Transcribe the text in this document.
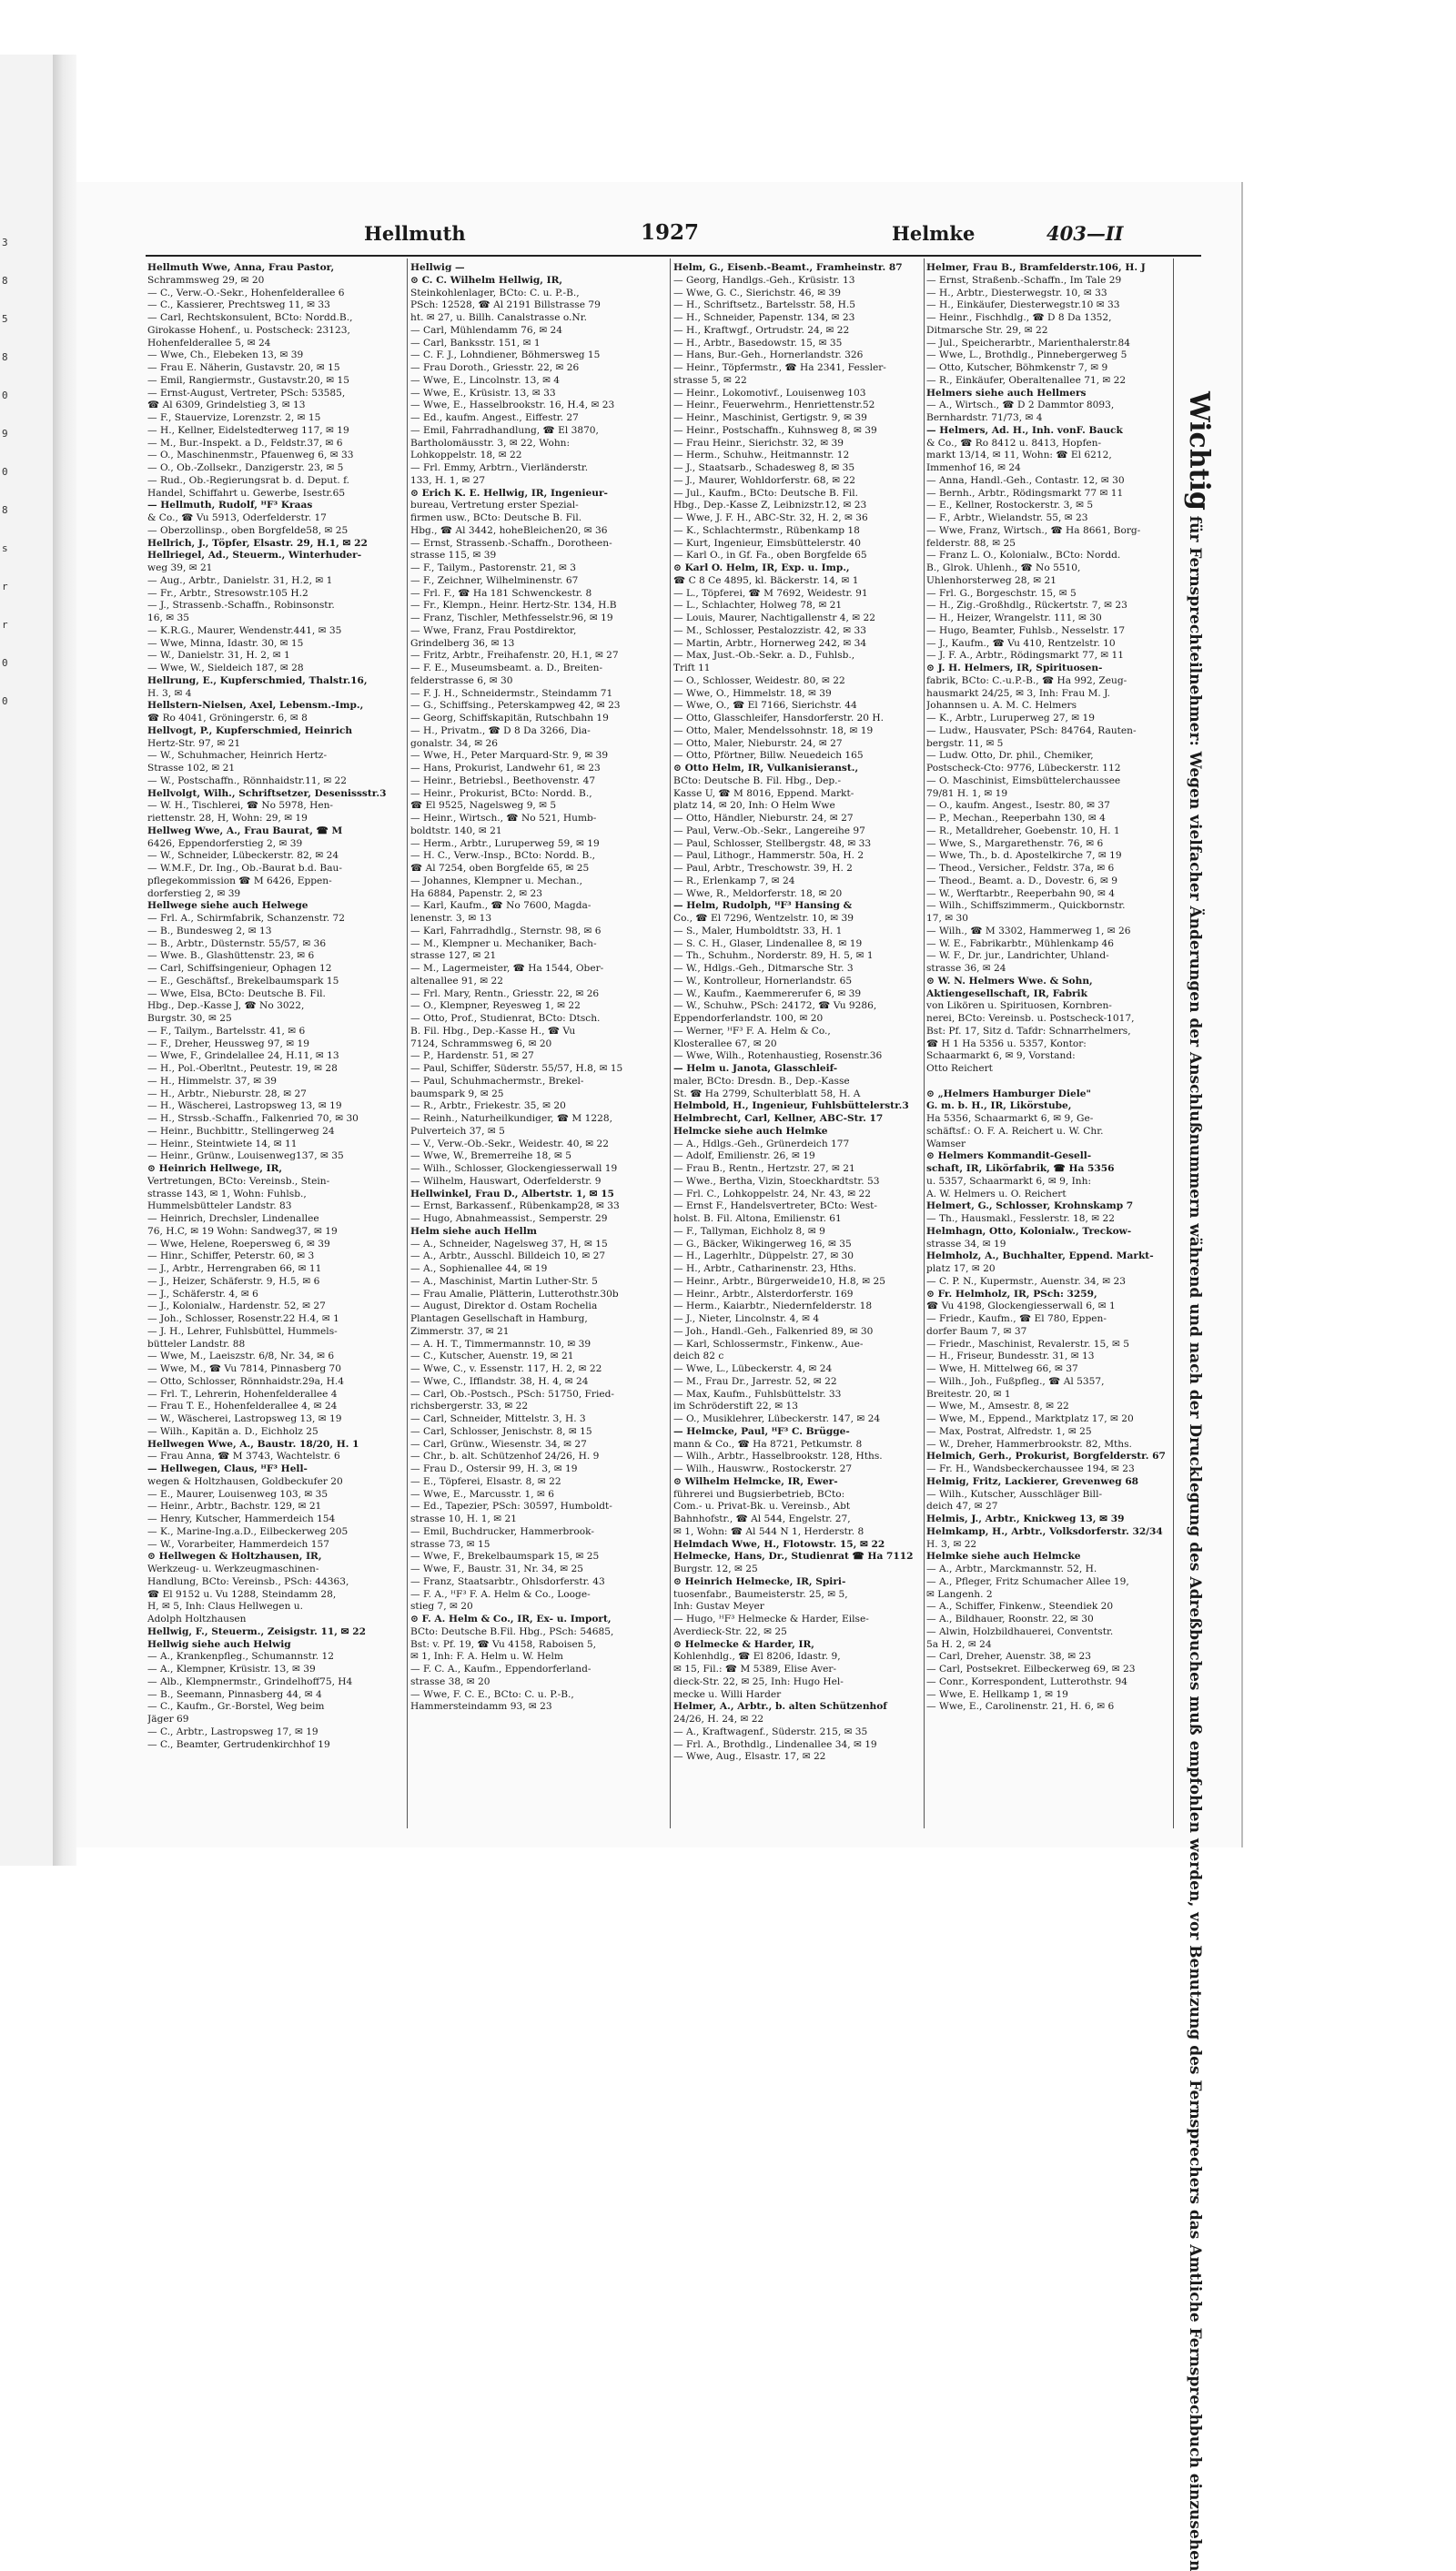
3
8
5
8
0
9
0
8
s
r
r
0
0
Hellmuth	1927	Helmke	403—II
Hellmuth Wwe, Anna, Frau Pastor,
Schrammsweg 29, ✉ 20
— C., Verw.-O.-Sekr., Hohenfelderallee 6
— C., Kassierer, Prechtsweg 11, ✉ 33
— Carl, Rechtskonsulent, BCto: Nordd.B.,
Girokasse Hohenf., u. Postscheck: 23123,
Hohenfelderallee 5, ✉ 24
— Wwe, Ch., Elebeken 13, ✉ 39
— Frau E. Näherin, Gustavstr. 20, ✉ 15
— Emil, Rangiermstr., Gustavstr.20, ✉ 15
— Ernst-August, Vertreter, PSch: 53585,
☎ Al 6309, Grindelstieg 3, ✉ 13
— F., Stauervize, Lorenzstr. 2, ✉ 15
— H., Kellner, Eidelstedterweg 117, ✉ 19
— M., Bur.-Inspekt. a D., Feldstr.37, ✉ 6
— O., Maschinenmstr., Pfauenweg 6, ✉ 33
— O., Ob.-Zollsekr., Danzigerstr. 23, ✉ 5
— Rud., Ob.-Regierungsrat b. d. Deput. f.
Handel, Schiffahrt u. Gewerbe, Isestr.65
— Hellmuth, Rudolf, ᴴF³ Kraas
& Co., ☎ Vu 5913, Oderfelderstr. 17
— Oberzollinsp., oben Borgfelde58, ✉ 25
Hellrich, J., Töpfer, Elsastr. 29, H.1, ✉ 22
Hellriegel, Ad., Steuerm., Winterhuder-
weg 39, ✉ 21
— Aug., Arbtr., Danielstr. 31, H.2, ✉ 1
— Fr., Arbtr., Stresowstr.105 H.2
— J., Strassenb.-Schaffn., Robinsonstr.
16, ✉ 35
— K.R.G., Maurer, Wendenstr.441, ✉ 35
— Wwe, Minna, Idastr. 30, ✉ 15
— W., Danielstr. 31, H. 2, ✉ 1
— Wwe, W., Sieldeich 187, ✉ 28
Hellrung, E., Kupferschmied, Thalstr.16,
H. 3, ✉ 4
Hellstern-Nielsen, Axel, Lebensm.-Imp.,
☎ Ro 4041, Gröningerstr. 6, ✉ 8
Hellvogt, P., Kupferschmied, Heinrich
Hertz-Str. 97, ✉ 21
— W., Schuhmacher, Heinrich Hertz-
Strasse 102, ✉ 21
— W., Postschaffn., Rönnhaidstr.11, ✉ 22
Hellvolgt, Wilh., Schriftsetzer, Desenissstr.3
— W. H., Tischlerei, ☎ No 5978, Hen-
riettenstr. 28, H, Wohn: 29, ✉ 19
Hellweg Wwe, A., Frau Baurat, ☎ M
6426, Eppendorferstieg 2, ✉ 39
— W., Schneider, Lübeckerstr. 82, ✉ 24
— W.M.F., Dr. Ing., Ob.-Baurat b.d. Bau-
pflegekommission ☎ M 6426, Eppen-
dorferstieg 2, ✉ 39
Hellwege siehe auch Helwege
— Frl. A., Schirmfabrik, Schanzenstr. 72
— B., Bundesweg 2, ✉ 13
— B., Arbtr., Düsternstr. 55/57, ✉ 36
— Wwe. B., Glashüttenstr. 23, ✉ 6
— Carl, Schiffsingenieur, Ophagen 12
— E., Geschäftsf., Brekelbaumspark 15
— Wwe, Elsa, BCto: Deutsche B. Fil.
Hbg., Dep.-Kasse J, ☎ No 3022,
Burgstr. 30, ✉ 25
— F., Tailym., Bartelsstr. 41, ✉ 6
— F., Dreher, Heussweg 97, ✉ 19
— Wwe, F., Grindelallee 24, H.11, ✉ 13
— H., Pol.-Oberltnt., Peutestr. 19, ✉ 28
— H., Himmelstr. 37, ✉ 39
— H., Arbtr., Nieburstr. 28, ✉ 27
— H., Wäscherei, Lastropsweg 13, ✉ 19
— H., Strssb.-Schaffn., Falkenried 70, ✉ 30
— Heinr., Buchbittr., Stellingerweg 24
— Heinr., Steintwiete 14, ✉ 11
— Heinr., Grünw., Louisenweg137, ✉ 35
⊙ Heinrich Hellwege, IR,
Vertretungen, BCto: Vereinsb., Stein-
strasse 143, ✉ 1, Wohn: Fuhlsb.,
Hummelsbütteler Landstr. 83
— Heinrich, Drechsler, Lindenallee
76, H.C, ✉ 19 Wohn: Sandweg37, ✉ 19
— Wwe, Helene, Roepersweg 6, ✉ 39
— Hinr., Schiffer, Peterstr. 60, ✉ 3
— J., Arbtr., Herrengraben 66, ✉ 11
— J., Heizer, Schäferstr. 9, H.5, ✉ 6
— J., Schäferstr. 4, ✉ 6
— J., Kolonialw., Hardenstr. 52, ✉ 27
— Joh., Schlosser, Rosenstr.22 H.4, ✉ 1
— J. H., Lehrer, Fuhlsbüttel, Hummels-
bütteler Landstr. 88
— Wwe, M., Laeiszstr. 6/8, Nr. 34, ✉ 6
— Wwe, M., ☎ Vu 7814, Pinnasberg 70
— Otto, Schlosser, Rönnhaidstr.29a, H.4
— Frl. T., Lehrerin, Hohenfelderallee 4
— Frau T. E., Hohenfelderallee 4, ✉ 24
— W., Wäscherei, Lastropsweg 13, ✉ 19
— Wilh., Kapitän a. D., Eichholz 25
Hellwegen Wwe, A., Baustr. 18/20, H. 1
— Frau Anna, ☎ M 3743, Wachtelstr. 6
— Hellwegen, Claus, ᴴF³ Hell-
wegen & Holtzhausen, Goldbeckufer 20
— E., Maurer, Louisenweg 103, ✉ 35
— Heinr., Arbtr., Bachstr. 129, ✉ 21
— Henry, Kutscher, Hammerdeich 154
— K., Marine-Ing.a.D., Eilbeckerweg 205
— W., Vorarbeiter, Hammerdeich 157
⊙ Hellwegen & Holtzhausen, IR,
Werkzeug- u. Werkzeugmaschinen-
Handlung, BCto: Vereinsb., PSch: 44363,
☎ El 9152 u. Vu 1288, Steindamm 28,
H, ✉ 5, Inh: Claus Hellwegen u.
Adolph Holtzhausen
Hellwig, F., Steuerm., Zeisigstr. 11, ✉ 22
Hellwig siehe auch Helwig
— A., Krankenpfleg., Schumannstr. 12
— A., Klempner, Krüsistr. 13, ✉ 39
— Alb., Klempnermstr., Grindelhoff75, H4
— B., Seemann, Pinnasberg 44, ✉ 4
— C., Kaufm., Gr.-Borstel, Weg beim
Jäger 69
— C., Arbtr., Lastropsweg 17, ✉ 19
— C., Beamter, Gertrudenkirchhof 19
Hellwig —
⊙ C. C. Wilhelm Hellwig, IR,
Steinkohlenlager, BCto: C. u. P.-B.,
PSch: 12528, ☎ Al 2191 Billstrasse 79
ht. ✉ 27, u. Billh. Canalstrasse o.Nr.
— Carl, Mühlendamm 76, ✉ 24
— Carl, Banksstr. 151, ✉ 1
— C. F. J., Lohndiener, Böhmersweg 15
— Frau Doroth., Griesstr. 22, ✉ 26
— Wwe, E., Lincolnstr. 13, ✉ 4
— Wwe, E., Krüsistr. 13, ✉ 33
— Wwe, E., Hasselbrookstr. 16, H.4, ✉ 23
— Ed., kaufm. Angest., Eiffestr. 27
— Emil, Fahrradhandlung, ☎ El 3870,
Bartholomäusstr. 3, ✉ 22, Wohn:
Lohkoppelstr. 18, ✉ 22
— Frl. Emmy, Arbtrn., Vierländerstr.
133, H. 1, ✉ 27
⊙ Erich K. E. Hellwig, IR, Ingenieur-
bureau, Vertretung erster Spezial-
firmen usw., BCto: Deutsche B. Fil.
Hbg., ☎ Al 3442, hoheBleichen20, ✉ 36
— Ernst, Strassenb.-Schaffn., Dorotheen-
strasse 115, ✉ 39
— F., Tailym., Pastorenstr. 21, ✉ 3
— F., Zeichner, Wilhelminenstr. 67
— Frl. F., ☎ Ha 181 Schwenckestr. 8
— Fr., Klempn., Heinr. Hertz-Str. 134, H.B
— Franz, Tischler, Methfesselstr.96, ✉ 19
— Wwe, Franz, Frau Postdirektor,
Grindelberg 36, ✉ 13
— Fritz, Arbtr., Freihafenstr. 20, H.1, ✉ 27
— F. E., Museumsbeamt. a. D., Breiten-
felderstrasse 6, ✉ 30
— F. J. H., Schneidermstr., Steindamm 71
— G., Schiffsing., Peterskampweg 42, ✉ 23
— Georg, Schiffskapitän, Rutschbahn 19
— H., Privatm., ☎ D 8 Da 3266, Dia-
gonalstr. 34, ✉ 26
— Wwe, H., Peter Marquard-Str. 9, ✉ 39
— Hans, Prokurist, Landwehr 61, ✉ 23
— Heinr., Betriebsl., Beethovenstr. 47
— Heinr., Prokurist, BCto: Nordd. B.,
☎ El 9525, Nagelsweg 9, ✉ 5
— Heinr., Wirtsch., ☎ No 521, Humb-
boldtstr. 140, ✉ 21
— Herm., Arbtr., Luruperweg 59, ✉ 19
— H. C., Verw.-Insp., BCto: Nordd. B.,
☎ Al 7254, oben Borgfelde 65, ✉ 25
— Johannes, Klempner u. Mechan.,
Ha 6884, Papenstr. 2, ✉ 23
— Karl, Kaufm., ☎ No 7600, Magda-
lenenstr. 3, ✉ 13
— Karl, Fahrradhdlg., Sternstr. 98, ✉ 6
— M., Klempner u. Mechaniker, Bach-
strasse 127, ✉ 21
— M., Lagermeister, ☎ Ha 1544, Ober-
altenallee 91, ✉ 22
— Frl. Mary, Rentn., Griesstr. 22, ✉ 26
— O., Klempner, Reyesweg 1, ✉ 22
— Otto, Prof., Studienrat, BCto: Dtsch.
B. Fil. Hbg., Dep.-Kasse H., ☎ Vu
7124, Schrammsweg 6, ✉ 20
— P., Hardenstr. 51, ✉ 27
— Paul, Schiffer, Süderstr. 55/57, H.8, ✉ 15
— Paul, Schuhmachermstr., Brekel-
baumspark 9, ✉ 25
— R., Arbtr., Friekestr. 35, ✉ 20
— Reinh., Naturheilkundiger, ☎ M 1228,
Pulverteich 37, ✉ 5
— V., Verw.-Ob.-Sekr., Weidestr. 40, ✉ 22
— Wwe, W., Bremerreihe 18, ✉ 5
— Wilh., Schlosser, Glockengiesserwall 19
— Wilhelm, Hauswart, Oderfelderstr. 9
Hellwinkel, Frau D., Albertstr. 1, ✉ 15
— Ernst, Barkassenf., Rübenkamp28, ✉ 33
— Hugo, Abnahmeassist., Semperstr. 29
Helm siehe auch Hellm
— A., Schneider, Nagelsweg 37, H, ✉ 15
— A., Arbtr., Ausschl. Billdeich 10, ✉ 27
— A., Sophienallee 44, ✉ 19
— A., Maschinist, Martin Luther-Str. 5
— Frau Amalie, Plätterin, Lutterothstr.30b
— August, Direktor d. Ostam Rochelia
Plantagen Gesellschaft in Hamburg,
Zimmerstr. 37, ✉ 21
— A. H. T., Timmermannstr. 10, ✉ 39
— C., Kutscher, Auenstr. 19, ✉ 21
— Wwe, C., v. Essenstr. 117, H. 2, ✉ 22
— Wwe, C., Ifflandstr. 38, H. 4, ✉ 24
— Carl, Ob.-Postsch., PSch: 51750, Fried-
richsbergerstr. 33, ✉ 22
— Carl, Schneider, Mittelstr. 3, H. 3
— Carl, Schlosser, Jenischstr. 8, ✉ 15
— Carl, Grünw., Wiesenstr. 34, ✉ 27
— Chr., b. alt. Schützenhof 24/26, H. 9
— Frau D., Ostersir 99, H. 3, ✉ 19
— E., Töpferei, Elsastr. 8, ✉ 22
— Wwe, E., Marcusstr. 1, ✉ 6
— Ed., Tapezier, PSch: 30597, Humboldt-
strasse 10, H. 1, ✉ 21
— Emil, Buchdrucker, Hammerbrook-
strasse 73, ✉ 15
— Wwe, F., Brekelbaumspark 15, ✉ 25
— Wwe, F., Baustr. 31, Nr. 34, ✉ 25
— Franz, Staatsarbtr., Ohlsdorferstr. 43
— F. A., ᴴF³ F. A. Helm & Co., Looge-
stieg 7, ✉ 20
⊙ F. A. Helm & Co., IR, Ex- u. Import,
BCto: Deutsche B.Fil. Hbg., PSch: 54685,
Bst: v. Pf. 19, ☎ Vu 4158, Raboisen 5,
✉ 1, Inh: F. A. Helm u. W. Helm
— F. C. A., Kaufm., Eppendorferland-
strasse 38, ✉ 20
— Wwe, F. C. E., BCto: C. u. P.-B.,
Hammersteindamm 93, ✉ 23
Helm, G., Eisenb.-Beamt., Framheinstr. 87
— Georg, Handlgs.-Geh., Krüsistr. 13
— Wwe, G. C., Sierichstr. 46, ✉ 39
— H., Schriftsetz., Bartelsstr. 58, H.5
— H., Schneider, Papenstr. 134, ✉ 23
— H., Kraftwgf., Ortrudstr. 24, ✉ 22
— H., Arbtr., Basedowstr. 15, ✉ 35
— Hans, Bur.-Geh., Hornerlandstr. 326
— Heinr., Töpfermstr., ☎ Ha 2341, Fessler-
strasse 5, ✉ 22
— Heinr., Lokomotivf., Louisenweg 103
— Heinr., Feuerwehrm., Henriettenstr.52
— Heinr., Maschinist, Gertigstr. 9, ✉ 39
— Heinr., Postschaffn., Kuhnsweg 8, ✉ 39
— Frau Heinr., Sierichstr. 32, ✉ 39
— Herm., Schuhw., Heitmannstr. 12
— J., Staatsarb., Schadesweg 8, ✉ 35
— J., Maurer, Wohldorferstr. 68, ✉ 22
— Jul., Kaufm., BCto: Deutsche B. Fil.
Hbg., Dep.-Kasse Z, Leibnizstr.12, ✉ 23
— Wwe, J. F. H., ABC-Str. 32, H. 2, ✉ 36
— K., Schlachtermstr., Rübenkamp 18
— Kurt, Ingenieur, Eimsbüttelerstr. 40
— Karl O., in Gf. Fa., oben Borgfelde 65
⊙ Karl O. Helm, IR, Exp. u. Imp.,
☎ C 8 Ce 4895, kl. Bäckerstr. 14, ✉ 1
— L., Töpferei, ☎ M 7692, Weidestr. 91
— L., Schlachter, Holweg 78, ✉ 21
— Louis, Maurer, Nachtigallenstr 4, ✉ 22
— M., Schlosser, Pestalozzistr. 42, ✉ 33
— Martin, Arbtr., Hornerweg 242, ✉ 34
— Max, Just.-Ob.-Sekr. a. D., Fuhlsb.,
Trift 11
— O., Schlosser, Weidestr. 80, ✉ 22
— Wwe, O., Himmelstr. 18, ✉ 39
— Wwe, O., ☎ El 7166, Sierichstr. 44
— Otto, Glasschleifer, Hansdorferstr. 20 H.
— Otto, Maler, Mendelssohnstr. 18, ✉ 19
— Otto, Maler, Nieburstr. 24, ✉ 27
— Otto, Pförtner, Billw. Neuedeich 165
⊙ Otto Helm, IR, Vulkanisieranst.,
BCto: Deutsche B. Fil. Hbg., Dep.-
Kasse U, ☎ M 8016, Eppend. Markt-
platz 14, ✉ 20, Inh: O Helm Wwe
— Otto, Händler, Nieburstr. 24, ✉ 27
— Paul, Verw.-Ob.-Sekr., Langereihe 97
— Paul, Schlosser, Stellbergstr. 48, ✉ 33
— Paul, Lithogr., Hammerstr. 50a, H. 2
— Paul, Arbtr., Treschowstr. 39, H. 2
— R., Erlenkamp 7, ✉ 24
— Wwe, R., Meldorferstr. 18, ✉ 20
— Helm, Rudolph, ᴴF³ Hansing &
Co., ☎ El 7296, Wentzelstr. 10, ✉ 39
— S., Maler, Humboldtstr. 33, H. 1
— S. C. H., Glaser, Lindenallee 8, ✉ 19
— Th., Schuhm., Norderstr. 89, H. 5, ✉ 1
— W., Hdlgs.-Geh., Ditmarsche Str. 3
— W., Kontrolleur, Hornerlandstr. 65
— W., Kaufm., Kaemmererufer 6, ✉ 39
— W., Schuhw., PSch: 24172, ☎ Vu 9286,
Eppendorferlandstr. 100, ✉ 20
— Werner, ᴴF³ F. A. Helm & Co.,
Klosterallee 67, ✉ 20
— Wwe, Wilh., Rotenhaustieg, Rosenstr.36
— Helm u. Janota, Glasschleif-
maler, BCto: Dresdn. B., Dep.-Kasse
St. ☎ Ha 2799, Schulterblatt 58, H. A
Helmbold, H., Ingenieur, Fuhlsbüttelerstr.3
Helmbrecht, Carl, Kellner, ABC-Str. 17
Helmcke siehe auch Helmke
— A., Hdlgs.-Geh., Grünerdeich 177
— Adolf, Emilienstr. 26, ✉ 19
— Frau B., Rentn., Hertzstr. 27, ✉ 21
— Wwe., Bertha, Vizin, Stoeckhardtstr. 53
— Frl. C., Lohkoppelstr. 24, Nr. 43, ✉ 22
— Ernst F., Handelsvertreter, BCto: West-
holst. B. Fil. Altona, Emilienstr. 61
— F., Tallyman, Eichholz 8, ✉ 9
— G., Bäcker, Wikingerweg 16, ✉ 35
— H., Lagerhltr., Düppelstr. 27, ✉ 30
— H., Arbtr., Catharinenstr. 23, Hths.
— Heinr., Arbtr., Bürgerweide10, H.8, ✉ 25
— Heinr., Arbtr., Alsterdorferstr. 169
— Herm., Kaiarbtr., Niedernfelderstr. 18
— J., Nieter, Lincolnstr. 4, ✉ 4
— Joh., Handl.-Geh., Falkenried 89, ✉ 30
— Karl, Schlossermstr., Finkenw., Aue-
deich 82 c
— Wwe, L., Lübeckerstr. 4, ✉ 24
— M., Frau Dr., Jarrestr. 52, ✉ 22
— Max, Kaufm., Fuhlsbüttelstr. 33
im Schröderstift 22, ✉ 13
— O., Musiklehrer, Lübeckerstr. 147, ✉ 24
— Helmcke, Paul, ᴴF³ C. Brügge-
mann & Co., ☎ Ha 8721, Petkumstr. 8
— Wilh., Arbtr., Hasselbrookstr. 128, Hths.
— Wilh., Hauswrw., Rostockerstr. 27
⊙ Wilhelm Helmcke, IR, Ewer-
führerei und Bugsierbetrieb, BCto:
Com.- u. Privat-Bk. u. Vereinsb., Abt
Bahnhofstr., ☎ Al 544, Engelstr. 27,
✉ 1, Wohn: ☎ Al 544 N 1, Herderstr. 8
Helmdach Wwe, H., Flotowstr. 15, ✉ 22
Helmecke, Hans, Dr., Studienrat ☎ Ha 7112
Burgstr. 12, ✉ 25
⊙ Heinrich Helmecke, IR, Spiri-
tuosenfabr., Baumeisterstr. 25, ✉ 5,
Inh: Gustav Meyer
— Hugo, ᴴF³ Helmecke & Harder, Eilse-
Averdieck-Str. 22, ✉ 25
⊙ Helmecke & Harder, IR,
Kohlenhdlg., ☎ El 8206, Idastr. 9,
✉ 15, Fil.: ☎ M 5389, Elise Aver-
dieck-Str. 22, ✉ 25, Inh: Hugo Hel-
mecke u. Willi Harder
Helmer, A., Arbtr., b. alten Schützenhof
24/26, H. 24, ✉ 22
— A., Kraftwagenf., Süderstr. 215, ✉ 35
— Frl. A., Brothdlg., Lindenallee 34, ✉ 19
— Wwe, Aug., Elsastr. 17, ✉ 22
Helmer, Frau B., Bramfelderstr.106, H. J
— Ernst, Straßenb.-Schaffn., Im Tale 29
— H., Arbtr., Diesterwegstr. 10, ✉ 33
— H., Einkäufer, Diesterwegstr.10 ✉ 33
— Heinr., Fischhdlg., ☎ D 8 Da 1352,
Ditmarsche Str. 29, ✉ 22
— Jul., Speicherarbtr., Marienthalerstr.84
— Wwe, L., Brothdlg., Pinnebergerweg 5
— Otto, Kutscher, Böhmkenstr 7, ✉ 9
— R., Einkäufer, Oberaltenallee 71, ✉ 22
Helmers siehe auch Hellmers
— A., Wirtsch., ☎ D 2 Dammtor 8093,
Bernhardstr. 71/73, ✉ 4
— Helmers, Ad. H., Inh. vonF. Bauck
& Co., ☎ Ro 8412 u. 8413, Hopfen-
markt 13/14, ✉ 11, Wohn: ☎ El 6212,
Immenhof 16, ✉ 24
— Anna, Handl.-Geh., Contastr. 12, ✉ 30
— Bernh., Arbtr., Rödingsmarkt 77 ✉ 11
— E., Kellner, Rostockerstr. 3, ✉ 5
— F., Arbtr., Wielandstr. 55, ✉ 23
— Wwe, Franz, Wirtsch., ☎ Ha 8661, Borg-
felderstr. 88, ✉ 25
— Franz L. O., Kolonialw., BCto: Nordd.
B., Glrok. Uhlenh., ☎ No 5510,
Uhlenhorsterweg 28, ✉ 21
— Frl. G., Borgeschstr. 15, ✉ 5
— H., Zig.-Großhdlg., Rückertstr. 7, ✉ 23
— H., Heizer, Wrangelstr. 111, ✉ 30
— Hugo, Beamter, Fuhlsb., Nesselstr. 17
— J., Kaufm., ☎ Vu 410, Rentzelstr. 10
— J. F. A., Arbtr., Rödingsmarkt 77, ✉ 11
⊙ J. H. Helmers, IR, Spirituosen-
fabrik, BCto: C.-u.P.-B., ☎ Ha 992, Zeug-
hausmarkt 24/25, ✉ 3, Inh: Frau M. J.
Johannsen u. A. M. C. Helmers
— K., Arbtr., Luruperweg 27, ✉ 19
— Ludw., Hausvater, PSch: 84764, Rauten-
bergstr. 11, ✉ 5
— Ludw. Otto, Dr. phil., Chemiker,
Postscheck-Cto: 9776, Lübeckerstr. 112
— O. Maschinist, Eimsbüttelerchaussee
79/81 H. 1, ✉ 19
— O., kaufm. Angest., Isestr. 80, ✉ 37
— P., Mechan., Reeperbahn 130, ✉ 4
— R., Metalldreher, Goebenstr. 10, H. 1
— Wwe, S., Margarethenstr. 76, ✉ 6
— Wwe, Th., b. d. Apostelkirche 7, ✉ 19
— Theod., Versicher., Feldstr. 37a, ✉ 6
— Theod., Beamt. a. D., Dovestr. 6, ✉ 9
— W., Werftarbtr., Reeperbahn 90, ✉ 4
— Wilh., Schiffszimmerm., Quickbornstr.
17, ✉ 30
— Wilh., ☎ M 3302, Hammerweg 1, ✉ 26
— W. E., Fabrikarbtr., Mühlenkamp 46
— W. F., Dr. jur., Landrichter, Uhland-
strasse 36, ✉ 24
⊙ W. N. Helmers Wwe. & Sohn,
Aktiengesellschaft, IR, Fabrik
von Likören u. Spirituosen, Kornbren-
nerei, BCto: Vereinsb. u. Postscheck-1017,
Bst: Pf. 17, Sitz d. Tafdr: Schnarrhelmers,
☎ H 1 Ha 5356 u. 5357, Kontor:
Schaarmarkt 6, ✉ 9, Vorstand:
Otto Reichert

⊙ „Helmers Hamburger Diele"
G. m. b. H., IR, Likörstube,
Ha 5356, Schaarmarkt 6, ✉ 9, Ge-
schäftsf.: O. F. A. Reichert u. W. Chr.
Wamser
⊙ Helmers Kommandit-Gesell-
schaft, IR, Likörfabrik, ☎ Ha 5356
u. 5357, Schaarmarkt 6, ✉ 9, Inh:
A. W. Helmers u. O. Reichert
Helmert, G., Schlosser, Krohnskamp 7
— Th., Hausmakl., Fesslerstr. 18, ✉ 22
Helmhagn, Otto, Kolonialw., Treckow-
strasse 34, ✉ 19
Helmholz, A., Buchhalter, Eppend. Markt-
platz 17, ✉ 20
— C. P. N., Kupermstr., Auenstr. 34, ✉ 23
⊙ Fr. Helmholz, IR, PSch: 3259,
☎ Vu 4198, Glockengiesserwall 6, ✉ 1
— Friedr., Kaufm., ☎ El 780, Eppen-
dorfer Baum 7, ✉ 37
— Friedr., Maschinist, Revalerstr. 15, ✉ 5
— H., Friseur, Bundesstr. 31, ✉ 13
— Wwe, H. Mittelweg 66, ✉ 37
— Wilh., Joh., Fußpfleg., ☎ Al 5357,
Breitestr. 20, ✉ 1
— Wwe, M., Amsestr. 8, ✉ 22
— Wwe, M., Eppend., Marktplatz 17, ✉ 20
— Max, Postrat, Alfredstr. 1, ✉ 25
— W., Dreher, Hammerbrookstr. 82, Mths.
Helmich, Gerh., Prokurist, Borgfelderstr. 67
— Fr. H., Wandsbeckerchaussee 194, ✉ 23
Helmig, Fritz, Lackierer, Grevenweg 68
— Wilh., Kutscher, Ausschläger Bill-
deich 47, ✉ 27
Helmis, J., Arbtr., Knickweg 13, ✉ 39
Helmkamp, H., Arbtr., Volksdorferstr. 32/34
H. 3, ✉ 22
Helmke siehe auch Helmcke
— A., Arbtr., Marckmannstr. 52, H.
— A., Pfleger, Fritz Schumacher Allee 19,
✉ Langenh. 2
— A., Schiffer, Finkenw., Steendiek 20
— A., Bildhauer, Roonstr. 22, ✉ 30
— Alwin, Holzbildhauerei, Conventstr.
5a H. 2, ✉ 24
— Carl, Dreher, Auenstr. 38, ✉ 23
— Carl, Postsekret. Eilbeckerweg 69, ✉ 23
— Conr., Korrespondent, Lutterothstr. 94
— Wwe, E. Hellkamp 1, ✉ 19
— Wwe, E., Carolinenstr. 21, H. 6, ✉ 6
Wichtig für Fernsprechteilnehmer: Wegen vielfacher Änderungen der Anschlußnummern während und nach der Drucklegung des Adreßbuches muß empfohlen werden, vor Benutzung des Fernsprechers das Amtliche Fernsprechbuch einzusehen
